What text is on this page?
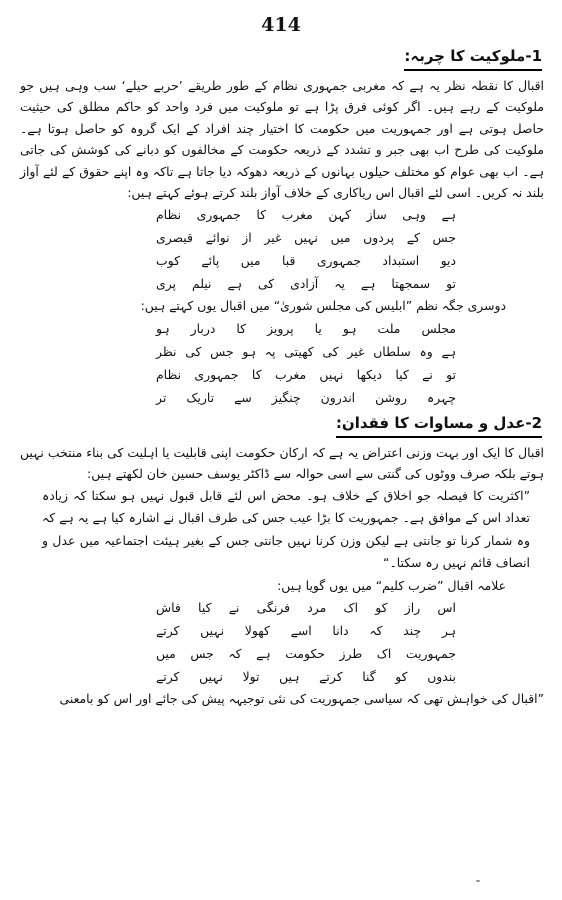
414
1-ملوکیت کا چربہ:

اقبال کا نقطہ نظر یہ ہے کہ مغربی جمہوری نظام کے طور طریقے ’حربے حیلے‘ سب وہی ہیں جو ملوکیت کے رہے ہیں۔ اگر کوئی فرق پڑا ہے تو ملوکیت میں فرد واحد کو حاکم مطلق کی حیثیت حاصل ہوتی ہے اور جمہوریت میں حکومت کا اختیار چند افراد کے ایک گروہ کو حاصل ہوتا ہے۔ ملوکیت کی طرح اب بھی جبر و تشدد کے ذریعہ حکومت کے مخالفوں کو دبانے کی کوشش کی جاتی ہے۔ اب بھی عوام کو مختلف حیلوں بہانوں کے ذریعہ دھوکہ دیا جاتا ہے تاکہ وہ اپنے حقوق کے لئے آواز بلند نہ کریں۔ اسی لئے اقبال اس ریاکاری کے خلاف آواز بلند کرتے ہوئے کہتے ہیں:

ہے وہی ساز کہن مغرب کا جمہوری نظام

جس کے پردوں میں نہیں غیر از نوائے قیصری

دیو استبداد جمہوری قبا میں پائے کوب

تو سمجھتا ہے یہ آزادی کی ہے نیلم پری

دوسری جگہ نظم ”ابلیس کی مجلس شوریٰ“ میں اقبال یوں کہتے ہیں:

مجلس ملت ہو یا پرویز کا دربار ہو

ہے وہ سلطاں غیر کی کھیتی پہ ہو جس کی نظر

تو نے کیا دیکھا نہیں مغرب کا جمہوری نظام

چہرہ روشن اندرون چنگیز سے تاریک تر

2-عدل و مساوات کا فقدان:

اقبال کا ایک اور بہت وزنی اعتراض یہ ہے کہ ارکان حکومت اپنی قابلیت یا اہلیت کی بناء منتخب نہیں ہوتے بلکہ صرف ووٹوں کی گنتی سے اسی حوالہ سے ڈاکٹر یوسف حسین خان لکھتے ہیں:

”اکثریت کا فیصلہ جو اخلاق کے خلاف ہو۔ محض اس لئے قابل قبول نہیں ہو سکتا کہ زیادہ تعداد اس کے موافق ہے۔ جمہوریت کا بڑا عیب جس کی طرف اقبال نے اشارہ کیا ہے یہ ہے کہ وہ شمار کرنا تو جانتی ہے لیکن وزن کرنا نہیں جانتی جس کے بغیر ہیئت اجتماعیہ میں عدل و انصاف قائم نہیں رہ سکتا۔“

علامہ اقبال ”ضرب کلیم“ میں یوں گویا ہیں:

اس راز کو اک مرد فرنگی نے کیا فاش

ہر چند کہ دانا اسے کھولا نہیں کرتے

جمہوریت اک طرز حکومت ہے کہ جس میں

بندوں کو گنا کرتے ہیں تولا نہیں کرتے

”اقبال کی خواہش تھی کہ سیاسی جمہوریت کی نئی توجیہہ پیش کی جائے اور اس کو بامعنی
